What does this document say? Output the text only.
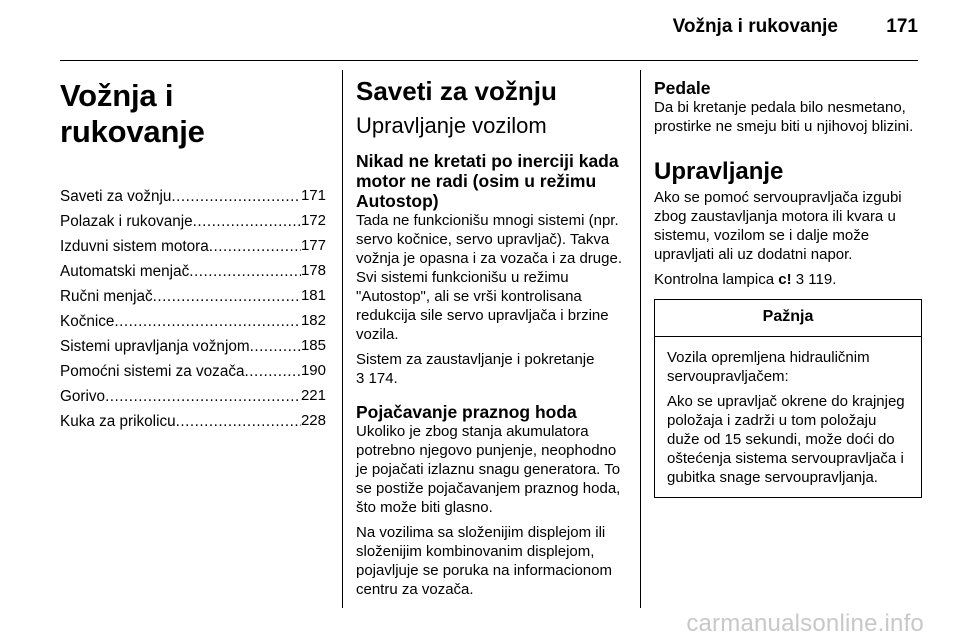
Vožnja i rukovanje	171
Vožnja i rukovanje
Saveti za vožnju .....	171
Polazak i rukovanje .....	172
Izduvni sistem motora .....	177
Automatski menjač .....	178
Ručni menjač .....	181
Kočnice .....	182
Sistemi upravljanja vožnjom .....	185
Pomoćni sistemi za vozača .....	190
Gorivo .....	221
Kuka za prikolicu .....	228
Saveti za vožnju
Upravljanje vozilom
Nikad ne kretati po inerciji kada motor ne radi (osim u režimu Autostop)

Tada ne funkcionišu mnogi sistemi (npr. servo kočnice, servo upravljač). Takva vožnja je opasna i za vozača i za druge. Svi sistemi funkcionišu u režimu "Autostop", ali se vrši kontrolisana redukcija sile servo upravljača i brzine vozila.

Sistem za zaustavljanje i pokretanje
3 174.

Pojačavanje praznog hoda

Ukoliko je zbog stanja akumulatora potrebno njegovo punjenje, neophodno je pojačati izlaznu snagu generatora. To se postiže pojačavanjem praznog hoda, što može biti glasno.

Na vozilima sa složenijim displejom ili složenijim kombinovanim displejom, pojavljuje se poruka na informacionom centru za vozača.

Pedale

Da bi kretanje pedala bilo nesmetano, prostirke ne smeju biti u njihovoj blizini.

Upravljanje

Ako se pomoć servoupravljača izgubi zbog zaustavljanja motora ili kvara u sistemu, vozilom se i dalje može upravljati ali uz dodatni napor.

Kontrolna lampica c! 3 119.

Pažnja

Vozila opremljena hidrauličnim servoupravljačem:

Ako se upravljač okrene do krajnjeg položaja i zadrži u tom položaju duže od 15 sekundi, može doći do oštećenja sistema servoupravljača i gubitka snage servoupravljanja.

carmanualsonline.info
